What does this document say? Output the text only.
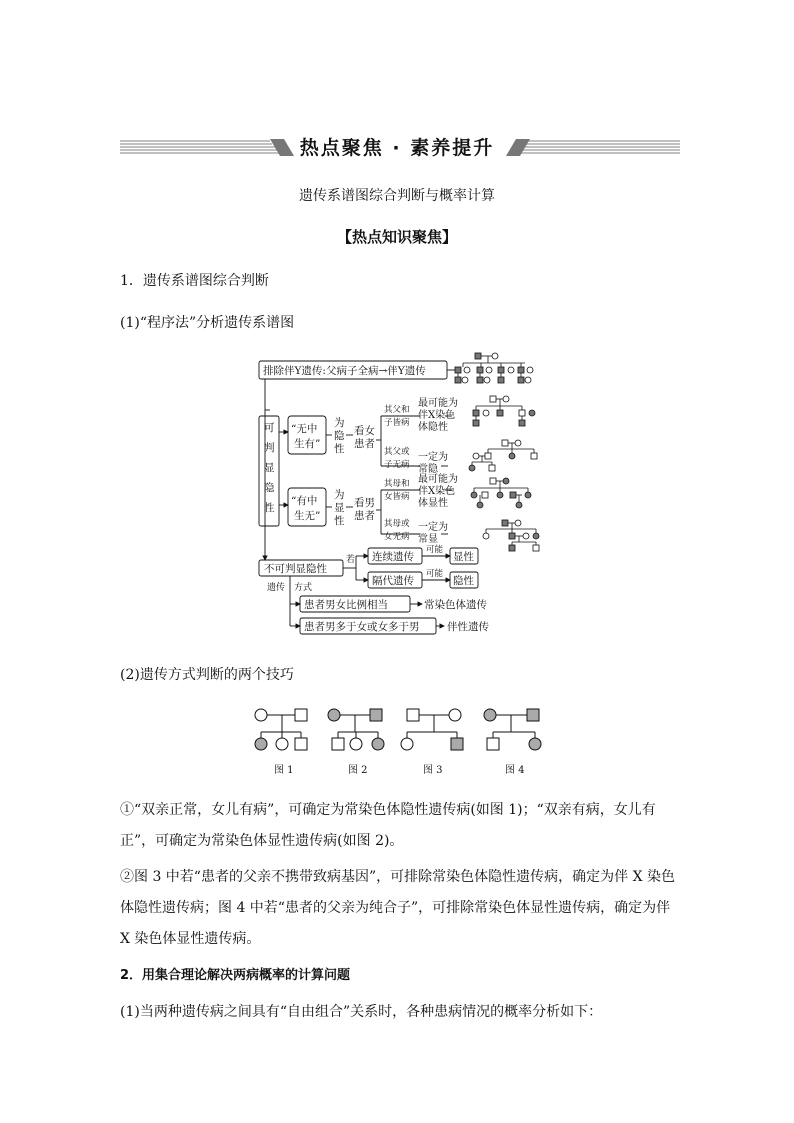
热点聚焦 · 素养提升
遗传系谱图综合判断与概率计算
【热点知识聚焦】
1．遗传系谱图综合判断
(1)“程序法”分析遗传系谱图
排除伴Y遗传:父病子全病→伴Y遗传
可
判
显
隐
性
“无中
生有”
“有中
生无”
为
隐
性
为
显
性
看女
患者
看男
患者
其父和
子皆病
其父或
子无病
其母和
女皆病
其母或
女无病
最可能为
伴X染色
体隐性
一定为
常隐
最可能为
伴X染色
体显性
一定为
常显
不可判显隐性
若 连续遗传
隔代遗传
可能
可能
显性
隐性
遗传 方式
患者男女比例相当	常染色体遗传
患者男多于女或女多于男	伴性遗传
(2)遗传方式判断的两个技巧
图 1	图 2	图 3	图 4
①“双亲正常，女儿有病”，可确定为常染色体隐性遗传病(如图 1)；“双亲有病，女儿有正”，可确定为常染色体显性遗传病(如图 2)。
②图 3 中若“患者的父亲不携带致病基因”，可排除常染色体隐性遗传病，确定为伴 X 染色体隐性遗传病；图 4 中若“患者的父亲为纯合子”，可排除常染色体显性遗传病，确定为伴 X 染色体显性遗传病。
2．用集合理论解决两病概率的计算问题
(1)当两种遗传病之间具有“自由组合”关系时，各种患病情况的概率分析如下：
